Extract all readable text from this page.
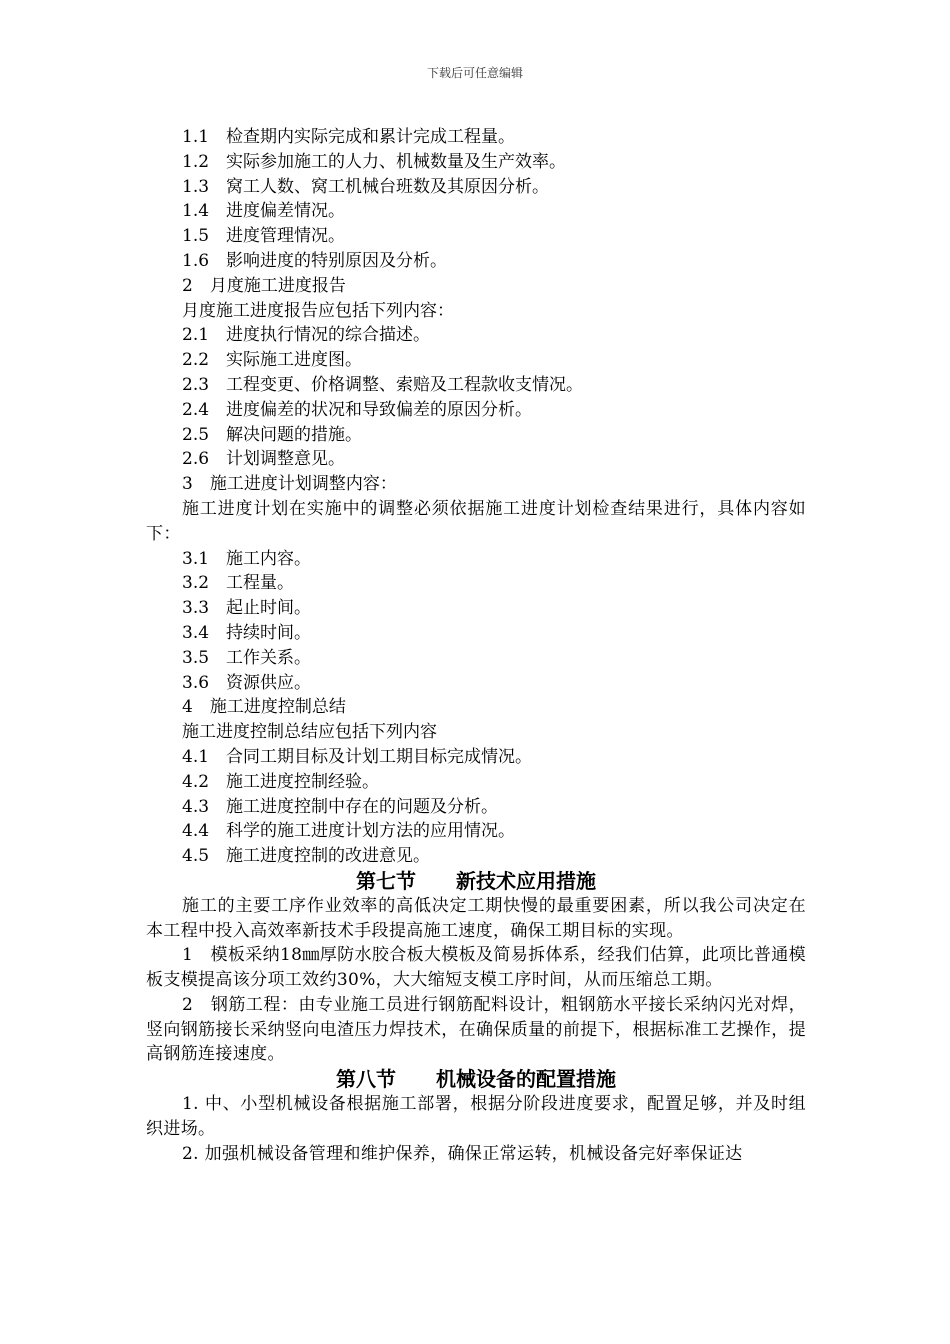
下载后可任意编辑
1.1　检查期内实际完成和累计完成工程量。
1.2　实际参加施工的人力、机械数量及生产效率。
1.3　窝工人数、窝工机械台班数及其原因分析。
1.4　进度偏差情况。
1.5　进度管理情况。
1.6　影响进度的特别原因及分析。
2　月度施工进度报告
月度施工进度报告应包括下列内容：
2.1　进度执行情况的综合描述。
2.2　实际施工进度图。
2.3　工程变更、价格调整、索赔及工程款收支情况。
2.4　进度偏差的状况和导致偏差的原因分析。
2.5　解决问题的措施。
2.6　计划调整意见。
3　施工进度计划调整内容：
施工进度计划在实施中的调整必须依据施工进度计划检查结果进行，具体内容如下：
3.1　施工内容。
3.2　工程量。
3.3　起止时间。
3.4　持续时间。
3.5　工作关系。
3.6　资源供应。
4　施工进度控制总结
施工进度控制总结应包括下列内容
4.1　合同工期目标及计划工期目标完成情况。
4.2　施工进度控制经验。
4.3　施工进度控制中存在的问题及分析。
4.4　科学的施工进度计划方法的应用情况。
4.5　施工进度控制的改进意见。
第七节　　新技术应用措施
施工的主要工序作业效率的高低决定工期快慢的最重要困素，所以我公司决定在本工程中投入高效率新技术手段提高施工速度，确保工期目标的实现。
1　模板采纳18㎜厚防水胶合板大模板及简易拆体系，经我们估算，此项比普通模板支模提高该分项工效约30%，大大缩短支模工序时间，从而压缩总工期。
2　钢筋工程：由专业施工员进行钢筋配料设计，粗钢筋水平接长采纳闪光对焊，竖向钢筋接长采纳竖向电渣压力焊技术，在确保质量的前提下，根据标准工艺操作，提高钢筋连接速度。
第八节　　机械设备的配置措施
1. 中、小型机械设备根据施工部署，根据分阶段进度要求，配置足够，并及时组织进场。
2. 加强机械设备管理和维护保养，确保正常运转，机械设备完好率保证达
